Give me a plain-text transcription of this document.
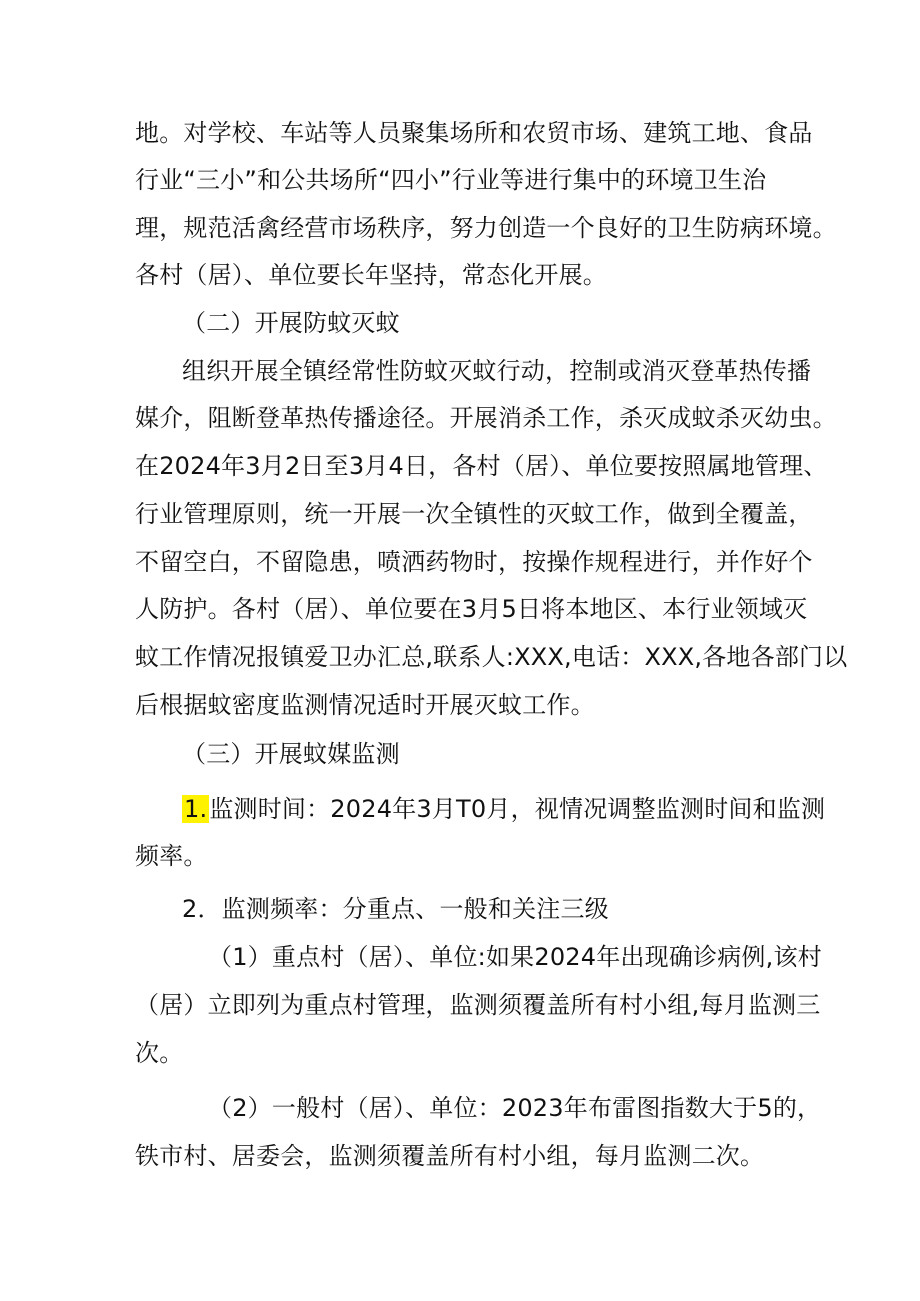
地。对学校、车站等人员聚集场所和农贸市场、建筑工地、食品
行业“三小”和公共场所“四小”行业等进行集中的环境卫生治
理，规范活禽经营市场秩序，努力创造一个良好的卫生防病环境。
各村（居）、单位要长年坚持，常态化开展。
（二）开展防蚊灭蚊
组织开展全镇经常性防蚊灭蚊行动，控制或消灭登革热传播
媒介，阻断登革热传播途径。开展消杀工作，杀灭成蚊杀灭幼虫。
在2024年3月2日至3月4日，各村（居）、单位要按照属地管理、
行业管理原则，统一开展一次全镇性的灭蚊工作，做到全覆盖，
不留空白，不留隐患，喷洒药物时，按操作规程进行，并作好个
人防护。各村（居）、单位要在3月5日将本地区、本行业领域灭
蚊工作情况报镇爱卫办汇总,联系人:XXX,电话：XXX,各地各部门以
后根据蚊密度监测情况适时开展灭蚊工作。
（三）开展蚊媒监测
1.监测时间：2024年3月T0月，视情况调整监测时间和监测
频率。
2．监测频率：分重点、一般和关注三级
（1）重点村（居）、单位:如果2024年出现确诊病例,该村
（居）立即列为重点村管理，监测须覆盖所有村小组,每月监测三
次。
（2）一般村（居）、单位：2023年布雷图指数大于5的，
铁市村、居委会，监测须覆盖所有村小组，每月监测二次。
